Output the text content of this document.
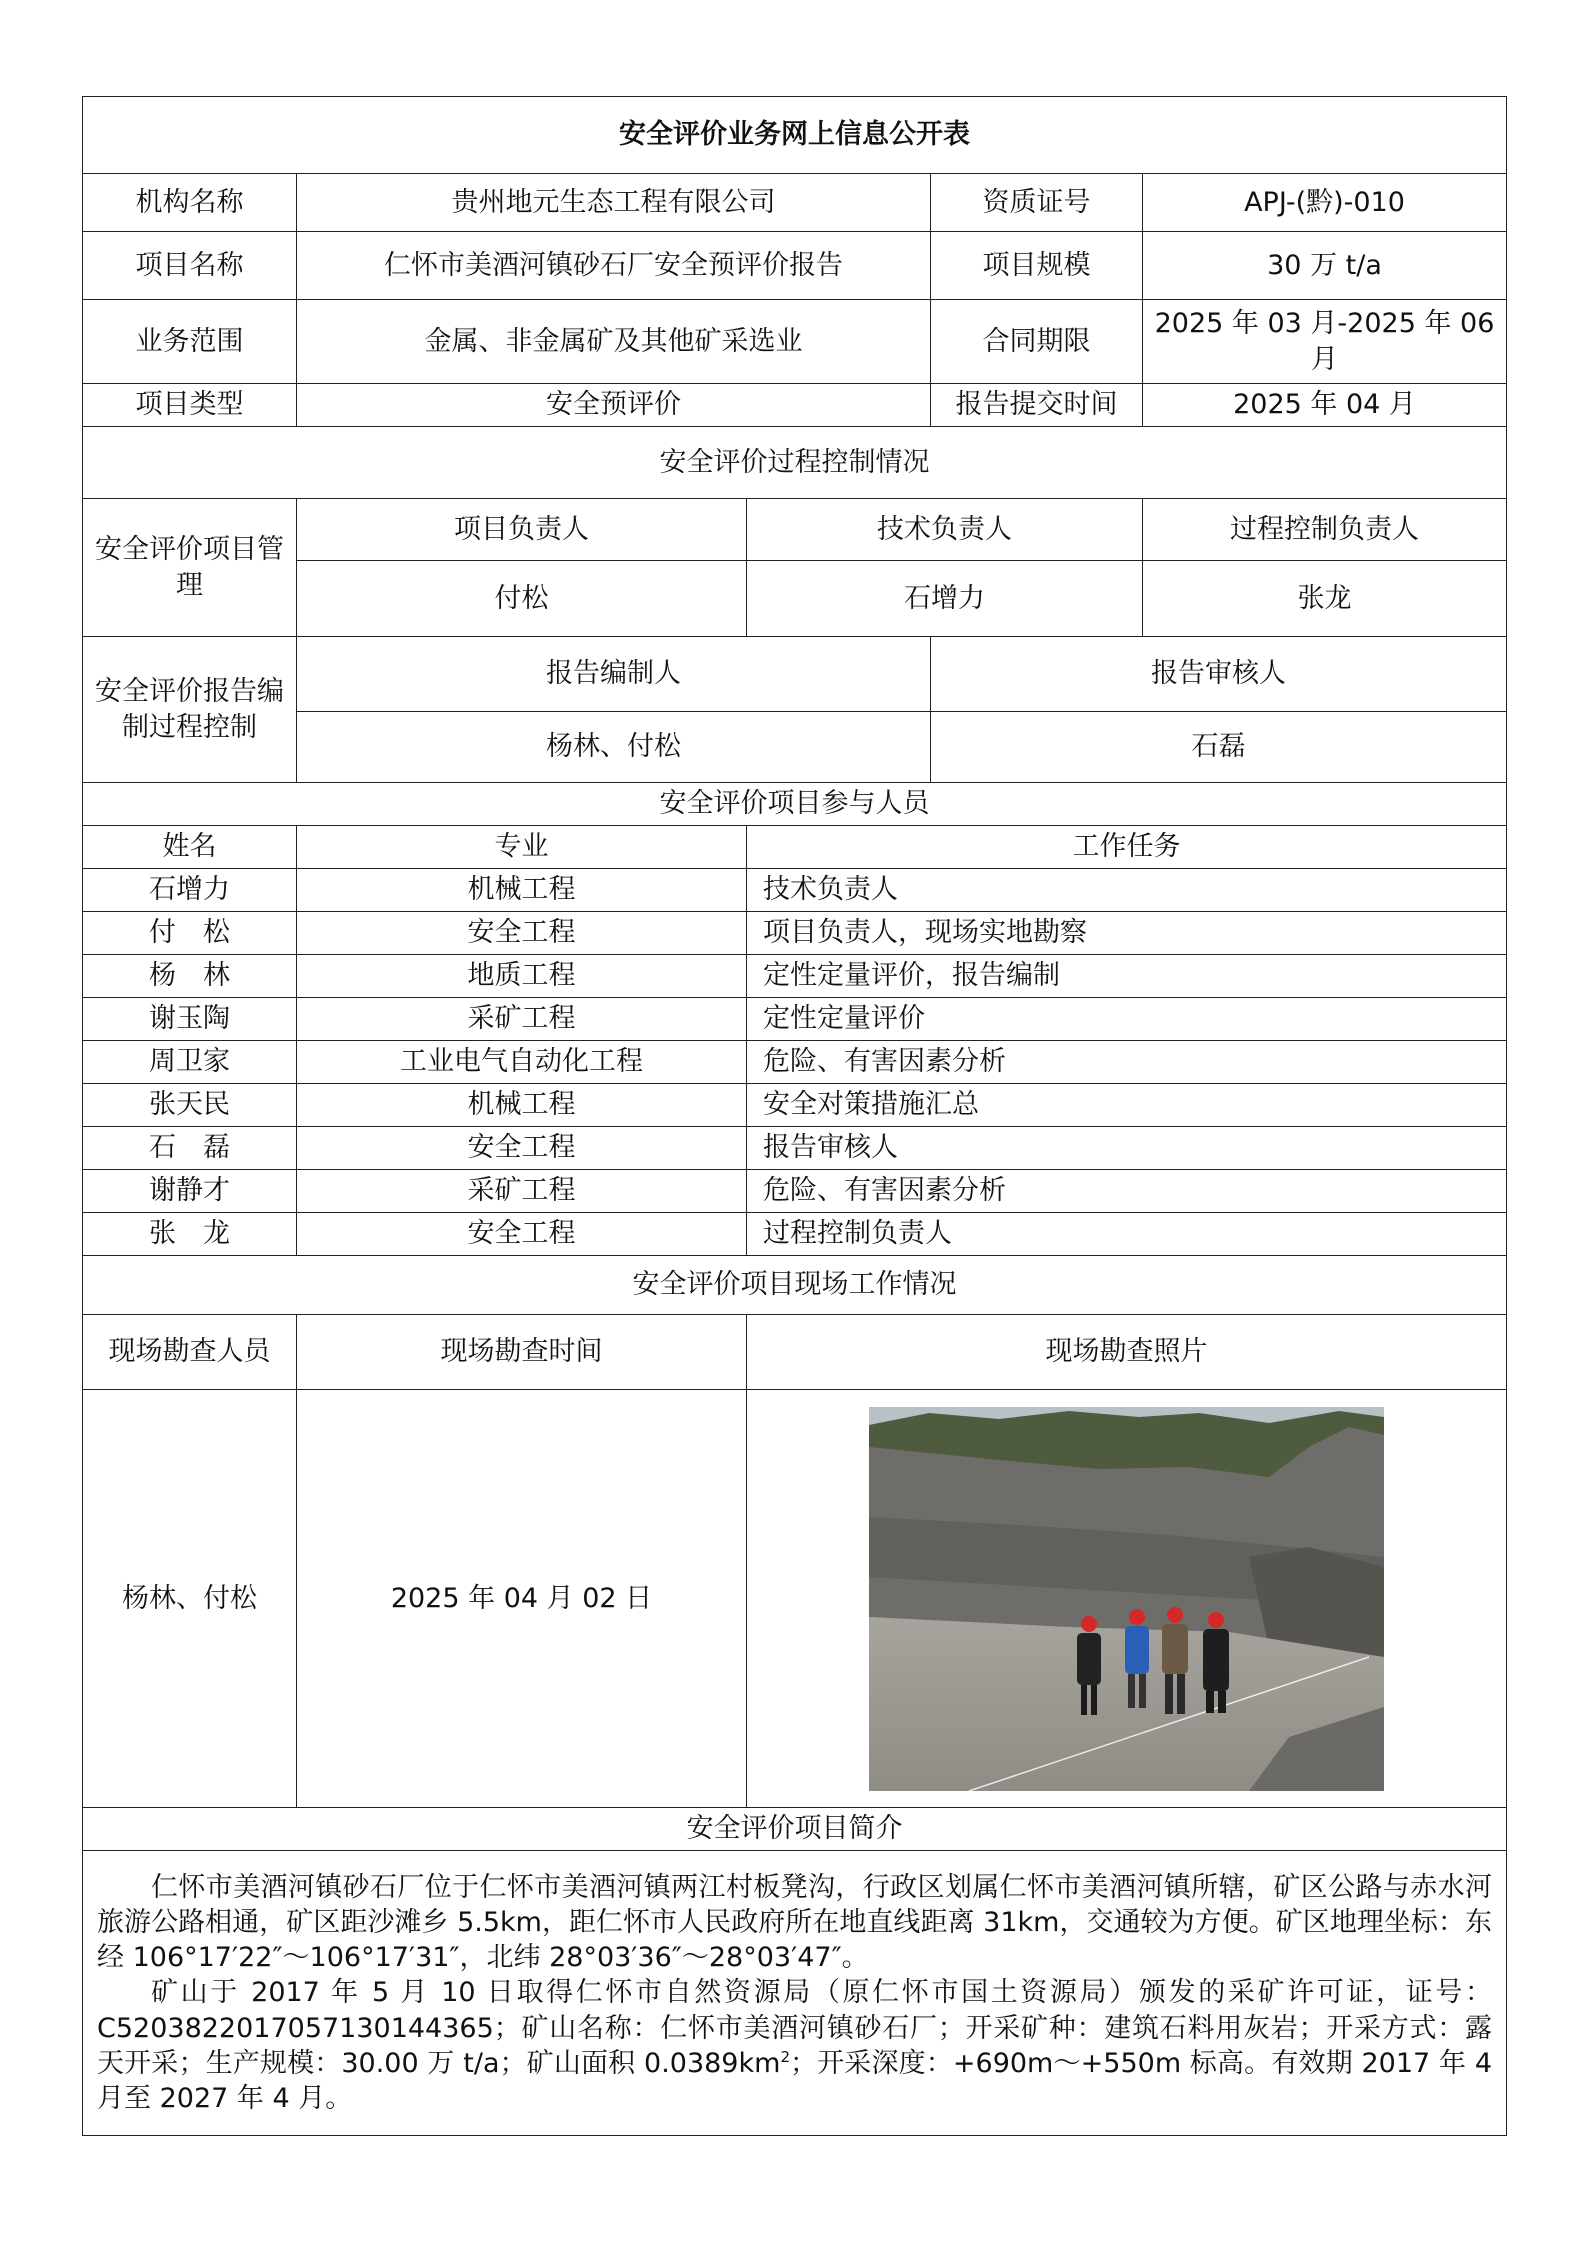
安全评价业务网上信息公开表				
机构名称	贵州地元生态工程有限公司		资质证号	APJ-(黔)-010
项目名称	仁怀市美酒河镇砂石厂安全预评价报告		项目规模	30 万 t/a
业务范围	金属、非金属矿及其他矿采选业		合同期限	2025 年 03 月-2025 年 06 月
项目类型	安全预评价		报告提交时间	2025 年 04 月
安全评价过程控制情况				
安全评价项目管理	项目负责人	技术负责人		过程控制负责人
	付松	石增力		张龙
安全评价报告编制过程控制	报告编制人		报告审核人	
	杨林、付松		石磊	
安全评价项目参与人员				
姓名	专业	工作任务		
石增力	机械工程	技术负责人		
付　松	安全工程	项目负责人，现场实地勘察		
杨　林	地质工程	定性定量评价，报告编制		
谢玉陶	采矿工程	定性定量评价		
周卫家	工业电气自动化工程	危险、有害因素分析		
张天民	机械工程	安全对策措施汇总		
石　磊	安全工程	报告审核人		
谢静才	采矿工程	危险、有害因素分析		
张　龙	安全工程	过程控制负责人		
安全评价项目现场工作情况				
现场勘查人员	现场勘查时间	现场勘查照片		
杨林、付松	2025 年 04 月 02 日	

安全评价项目简介				

仁怀市美酒河镇砂石厂位于仁怀市美酒河镇两江村板凳沟，行政区划属仁怀市美酒河镇所辖，矿区公路与赤水河旅游公路相通，矿区距沙滩乡 5.5km，距仁怀市人民政府所在地直线距离 31km，交通较为方便。矿区地理坐标：东经 106°17′22″～106°17′31″，北纬 28°03′36″～28°03′47″。

矿山于 2017 年 5 月 10 日取得仁怀市自然资源局（原仁怀市国土资源局）颁发的采矿许可证，证号：C5203822017057130144365；矿山名称：仁怀市美酒河镇砂石厂；开采矿种：建筑石料用灰岩；开采方式：露天开采；生产规模：30.00 万 t/a；矿山面积 $0.0389km^2$；开采深度：+690m～+550m 标高。有效期 2017 年 4 月至 2027 年 4 月。				
